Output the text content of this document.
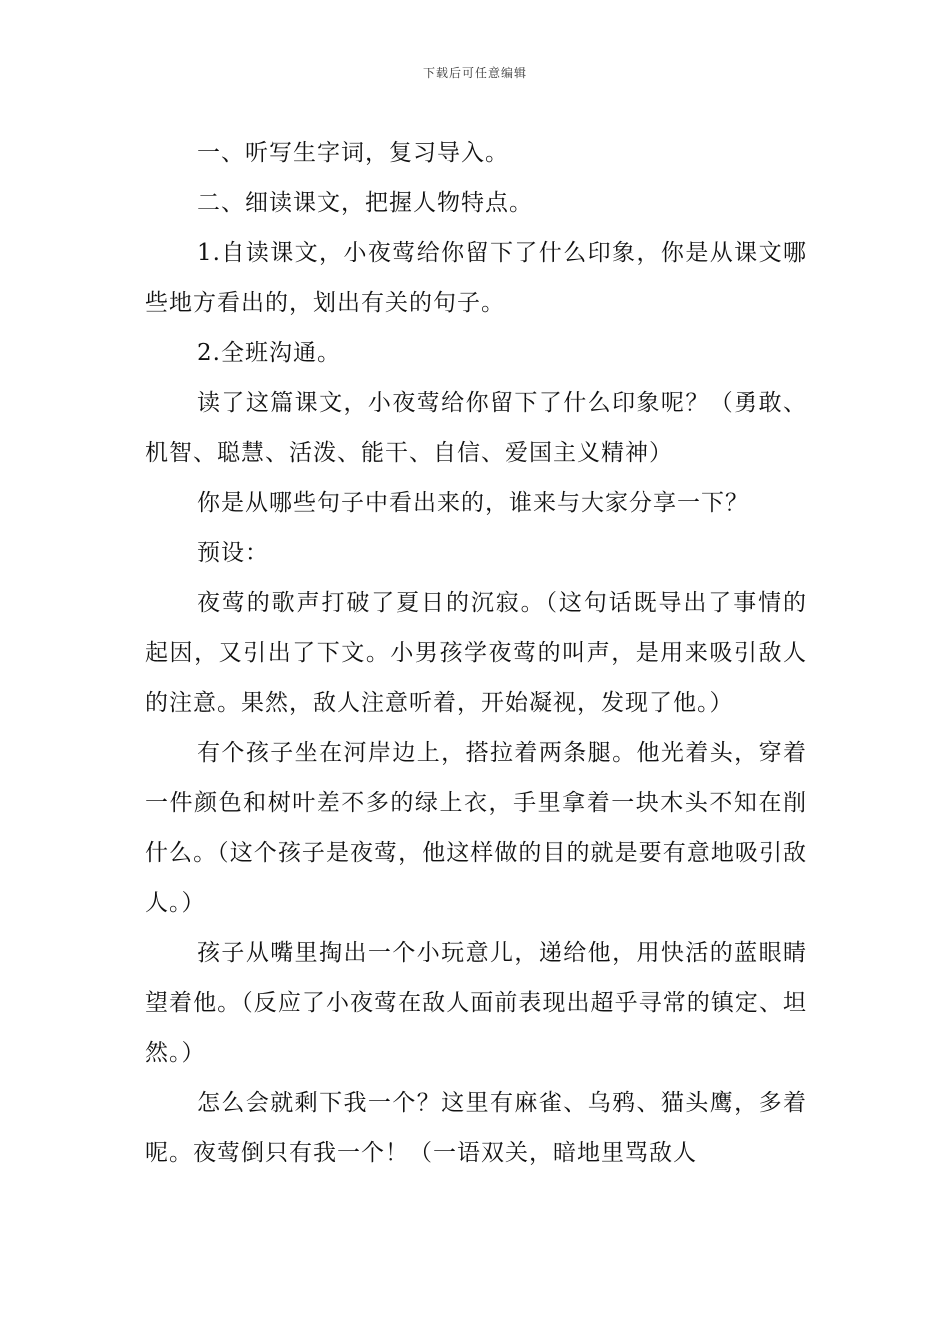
下载后可任意编辑

一、听写生字词，复习导入。

二、细读课文，把握人物特点。

1.自读课文，小夜莺给你留下了什么印象，你是从课文哪些地方看出的，划出有关的句子。

2.全班沟通。

读了这篇课文，小夜莺给你留下了什么印象呢？（勇敢、机智、聪慧、活泼、能干、自信、爱国主义精神）

你是从哪些句子中看出来的，谁来与大家分享一下？

预设：

夜莺的歌声打破了夏日的沉寂。（这句话既导出了事情的起因，又引出了下文。小男孩学夜莺的叫声，是用来吸引敌人的注意。果然，敌人注意听着，开始凝视，发现了他。）

有个孩子坐在河岸边上，搭拉着两条腿。他光着头，穿着一件颜色和树叶差不多的绿上衣，手里拿着一块木头不知在削什么。（这个孩子是夜莺，他这样做的目的就是要有意地吸引敌人。）

孩子从嘴里掏出一个小玩意儿，递给他，用快活的蓝眼睛望着他。（反应了小夜莺在敌人面前表现出超乎寻常的镇定、坦然。）

怎么会就剩下我一个？这里有麻雀、乌鸦、猫头鹰，多着呢。夜莺倒只有我一个！（一语双关，暗地里骂敌人
